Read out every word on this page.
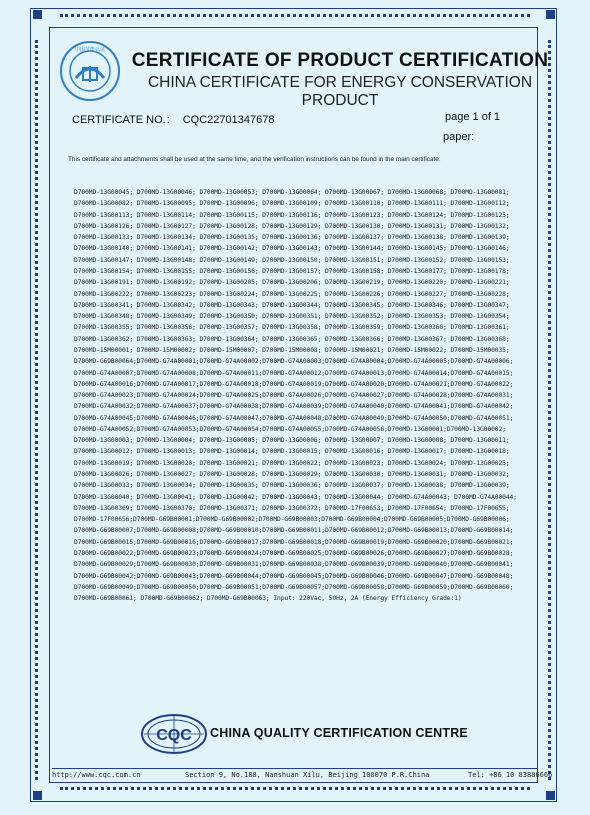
中国节能认证 CERTIFICATE OF PRODUCT CERTIFICATION
CHINA CERTIFICATE FOR ENERGY CONSERVATION PRODUCT
CERTIFICATE NO.： CQC22701347678	page 1 of 1
paper:
This certificate and attachments shall be used at the same time, and the verification instructions can be found in the main certificate.
D700MD-13G00045; D700MD-13G00046; D700MD-13G00053; D700MD-13G00064; D700MD-13G00067; D700MD-13G00068; D700MD-13G00081;
D700MD-13G00082; D700MD-13G00095; D700MD-13G00096; D700MD-13G00109; D700MD-13G00110; D700MD-13G00111; D700MD-13G00112;
D700MD-13G00113; D700MD-13G00114; D700MD-13G00115; D700MD-13G00116; D700MD-13G00123; D700MD-13G00124; D700MD-13G00125;
D700MD-13G00126; D700MD-13G00127; D700MD-13G00128; D700MD-13G00129; D700MD-13G00130; D700MD-13G00131; D700MD-13G00132;
D700MD-13G00133; D700MD-13G00134; D700MD-13G00135; D700MD-13G00136; D700MD-13G00137; D700MD-13G00138; D700MD-13G00139;
D700MD-13G00140; D700MD-13G00141; D700MD-13G00142; D700MD-13G00143; D700MD-13G00144; D700MD-13G00145; D700MD-13G00146;
D700MD-13G00147; D700MD-13G00148; D700MD-13G00149; D700MD-13G00150; D700MD-13G00151; D700MD-13G00152; D700MD-13G00153;
D700MD-13G00154; D700MD-13G00155; D700MD-13G00156; D700MD-13G00157; D700MD-13G00158; D700MD-13G00177; D700MD-13G00178;
D700MD-13G00191; D700MD-13G00192; D700MD-13G00205; D700MD-13G00206; D700MD-13G00219; D700MD-13G00220; D700MD-13G00221;
D700MD-13G00222; D700MD-13G00223; D700MD-13G00224; D700MD-13G00225; D700MD-13G00226; D700MD-13G00227; D700MD-13G00228;
D700MD-13G00341; D700MD-13G00342; D700MD-13G00343; D700MD-13G00344; D700MD-13G00345; D700MD-13G00346; D700MD-13G00347;
D700MD-13G00348; D700MD-13G00349; D700MD-13G00350; D700MD-13G00351; D700MD-13G00352; D700MD-13G00353; D700MD-13G00354;
D700MD-13G00355; D700MD-13G00356; D700MD-13G00357; D700MD-13G00358; D700MD-13G00359; D700MD-13G00360; D700MD-13G00361;
D700MD-13G00362; D700MD-13G00363; D700MD-13G00364; D700MD-13G00365; D700MD-13G00366; D700MD-13G00367; D700MD-13G00368;
D700MD-15M00001; D700MD-15M00002; D700MD-15M00007; D700MD-15M00008; D700MD-15M00021; D700MD-15M00022; D700MD-15M00035;
D700MD-G69B00064;D700MD-G74A00001;D700MD-G74A00002;D700MD-G74A00003;D700MD-G74A00004;D700MD-G74A00005;D700MD-G74A00006;
D700MD-G74A00007;D700MD-G74A00008;D700MD-G74A00011;D700MD-G74A00012;D700MD-G74A00013;D700MD-G74A00014;D700MD-G74A00015;
D700MD-G74A00016;D700MD-G74A00017;D700MD-G74A00018;D700MD-G74A00019;D700MD-G74A00020;D700MD-G74A00021;D700MD-G74A00022;
D700MD-G74A00023;D700MD-G74A00024;D700MD-G74A00025;D700MD-G74A00026;D700MD-G74A00027;D700MD-G74A00028;D700MD-G74A00031;
D700MD-G74A00032;D700MD-G74A00037;D700MD-G74A00038;D700MD-G74A00039;D700MD-G74A00040;D700MD-G74A00041;D700MD-G74A00042;
D700MD-G74A00045;D700MD-G74A00046;D700MD-G74A00047;D700MD-G74A00048;D700MD-G74A00049;D700MD-G74A00050;D700MD-G74A00051;
D700MD-G74A00052;D700MD-G74A00053;D700MD-G74A00054;D700MD-G74A00055;D700MD-G74A00056;D700MD-13G00001;D700MD-13G00002;
D700MD-13G00003; D700MD-13G00004; D700MD-13G00005; D700MD-13G00006; D700MD-13G00007; D700MD-13G00008; D700MD-13G00011;
D700MD-13G00012; D700MD-13G00013; D700MD-13G00014; D700MD-13G00015; D700MD-13G00016; D700MD-13G00017; D700MD-13G00018;
D700MD-13G00019; D700MD-13G00020; D700MD-13G00021; D700MD-13G00022; D700MD-13G00023; D700MD-13G00024; D700MD-13G00025;
D700MD-13G00026; D700MD-13G00027; D700MD-13G00028; D700MD-13G00029; D700MD-13G00030; D700MD-13G00031; D700MD-13G00032;
D700MD-13G00033; D700MD-13G00034; D700MD-13G00035; D700MD-13G00036; D700MD-13G00037; D700MD-13G00038; D700MD-13G00039;
D700MD-13G00040; D700MD-13G00041; D700MD-13G00042; D700MD-13G00043; D700MD-13G00044; D700MD-G74A00043; D700MD-G74A00044;
D700MD-13G00369; D700MD-13G00370; D700MD-13G00371; D700MD-13G00372; D700MD-17F00653; D700MD-17F00654; D700MD-17F00655;
D700MD-17F00656;D700MD-G69B00001;D700MD-G69B00002;D700MD-G69B00003;D700MD-G69B00004;D700MD-G69B00005;D700MD-G69B00006;
D700MD-G69B00007;D700MD-G69B00008;D700MD-G69B00010;D700MD-G69B00011;D700MD-G69B00012;D700MD-G69B00013;D700MD-G69B00014;
D700MD-G69B00015;D700MD-G69B00016;D700MD-G69B00017;D700MD-G69B00018;D700MD-G69B00019;D700MD-G69B00020;D700MD-G69B00021;
D700MD-G69B00022;D700MD-G69B00023;D700MD-G69B00024;D700MD-G69B00025;D700MD-G69B00026;D700MD-G69B00027;D700MD-G69B00028;
D700MD-G69B00029;D700MD-G69B00030;D700MD-G69B00031;D700MD-G69B00038;D700MD-G69B00039;D700MD-G69B00040;D700MD-G69B00041;
D700MD-G69B00042;D700MD-G69B00043;D700MD-G69B00044;D700MD-G69B00045;D700MD-G69B00046;D700MD-G69B00047;D700MD-G69B00048;
D700MD-G69B00049;D700MD-G69B00050;D700MD-G69B00051;D700MD-G69B00057;D700MD-G69B00058;D700MD-G69B00059;D700MD-G69B00060;
D700MD-G69B00061; D700MD-G69B00062; D700MD-G69B00063; Input: 220Vac, 50Hz, 2A (Energy Efficiency Grade:1)
CQC CHINA QUALITY CERTIFICATION CENTRE
http://www.cqc.com.cn	Section 9, No.188, Nanshuan Xilu, Beijing 100070 P.R.China	Tel: +86 10 83886666
